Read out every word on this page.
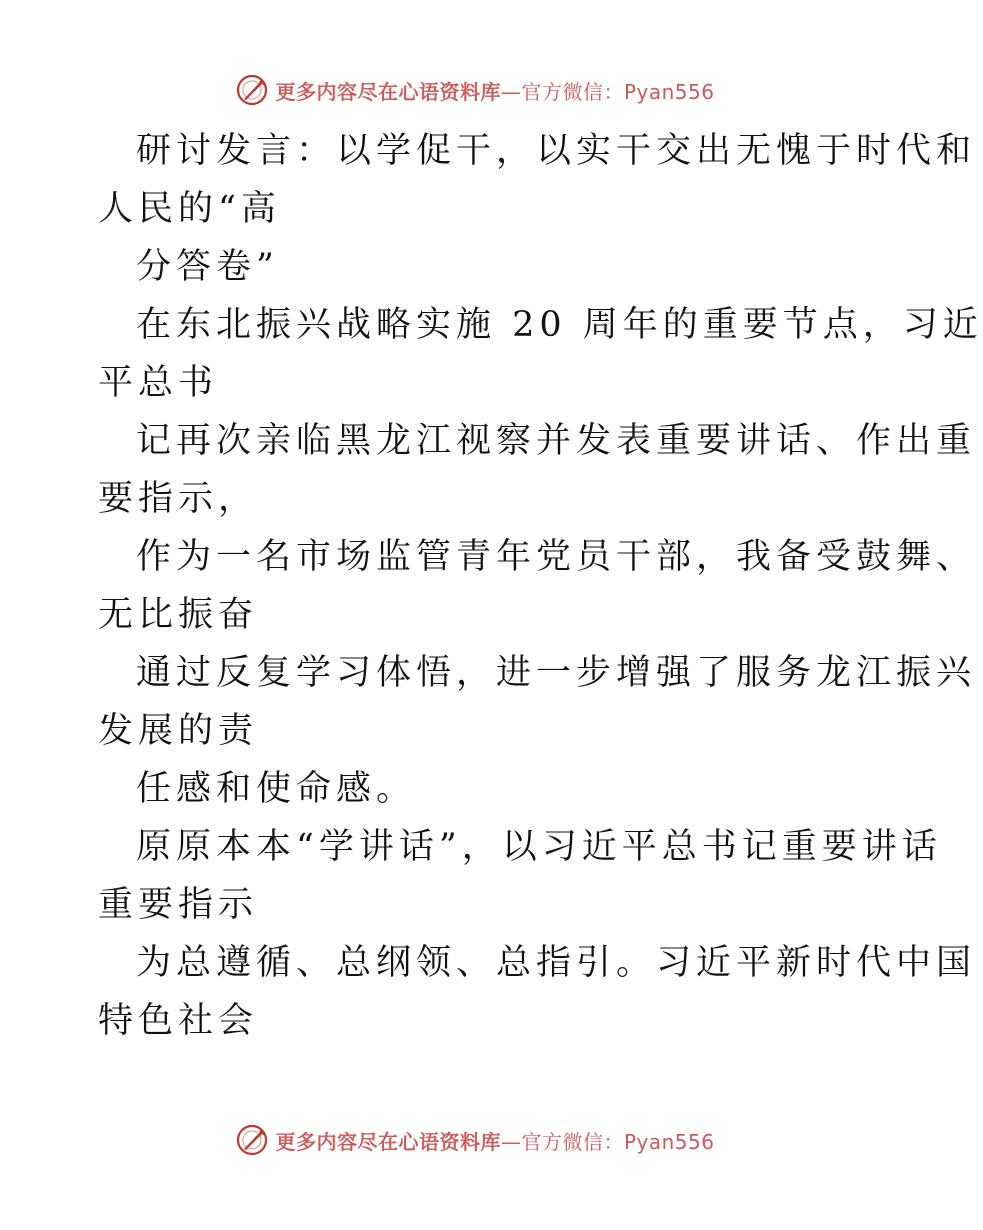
更多内容尽在心语资料库—官方微信：Pyan556
研讨发言：以学促干，以实干交出无愧于时代和
人民的“高
分答卷”
在东北振兴战略实施 20 周年的重要节点，习近
平总书
记再次亲临黑龙江视察并发表重要讲话、作出重
要指示，
作为一名市场监管青年党员干部，我备受鼓舞、
无比振奋
通过反复学习体悟，进一步增强了服务龙江振兴
发展的责
任感和使命感。
原原本本“学讲话”，以习近平总书记重要讲话
重要指示
为总遵循、总纲领、总指引。习近平新时代中国
特色社会
更多内容尽在心语资料库—官方微信：Pyan556
